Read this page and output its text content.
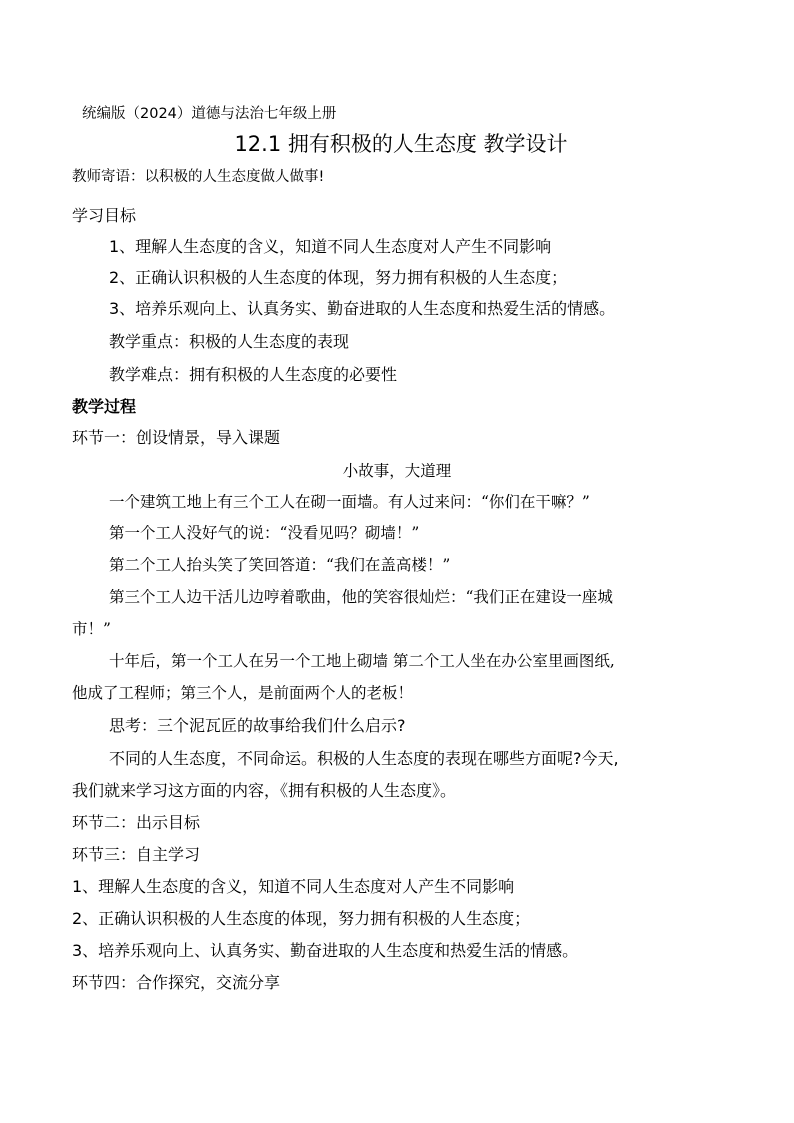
统编版（2024）道德与法治七年级上册
12.1 拥有积极的人生态度 教学设计
教师寄语：以积极的人生态度做人做事!
学习目标
1、理解人生态度的含义，知道不同人生态度对人产生不同影响
2、正确认识积极的人生态度的体现，努力拥有积极的人生态度；
3、培养乐观向上、认真务实、勤奋进取的人生态度和热爱生活的情感。
教学重点：积极的人生态度的表现
教学难点：拥有积极的人生态度的必要性
教学过程
环节一：创设情景，导入课题
小故事，大道理
一个建筑工地上有三个工人在砌一面墙。有人过来问：“你们在干嘛？”
第一个工人没好气的说：“没看见吗？砌墙！”
第二个工人抬头笑了笑回答道：“我们在盖高楼！”
第三个工人边干活儿边哼着歌曲，他的笑容很灿烂：“我们正在建设一座城
市！”
十年后，第一个工人在另一个工地上砌墙 第二个工人坐在办公室里画图纸,
他成了工程师；第三个人，是前面两个人的老板！
思考：三个泥瓦匠的故事给我们什么启示?
不同的人生态度，不同命运。积极的人生态度的表现在哪些方面呢?今天,
我们就来学习这方面的内容，《拥有积极的人生态度》。
环节二：出示目标
环节三：自主学习
1、理解人生态度的含义，知道不同人生态度对人产生不同影响
2、正确认识积极的人生态度的体现，努力拥有积极的人生态度；
3、培养乐观向上、认真务实、勤奋进取的人生态度和热爱生活的情感。
环节四：合作探究，交流分享
